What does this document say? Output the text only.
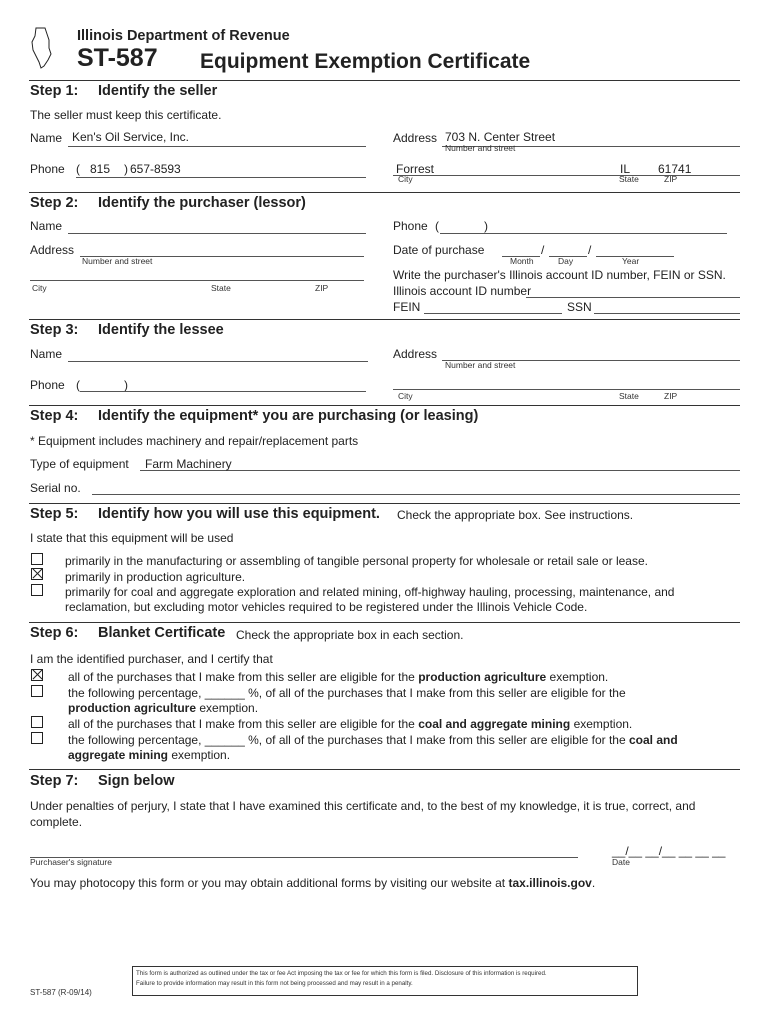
Illinois Department of Revenue
ST-587 Equipment Exemption Certificate
Step 1: Identify the seller
The seller must keep this certificate.
Name Ken's Oil Service, Inc.	Address 703 N. Center Street
Number and street
Phone ( 815 ) 657-8593	Forrest	IL 61741
City	State	ZIP
Step 2: Identify the purchaser (lessor)
Name	Phone (	)
Address
Number and street
City	State	ZIP
Date of purchase	/	/
Month	Day	Year
Write the purchaser's Illinois account ID number, FEIN or SSN.
Illinois account ID number
FEIN	SSN
Step 3: Identify the lessee
Name	Address
Number and street
Phone (	)
City	State	ZIP
Step 4: Identify the equipment* you are purchasing (or leasing)
* Equipment includes machinery and repair/replacement parts
Type of equipment Farm Machinery
Serial no.
Step 5: Identify how you will use this equipment. Check the appropriate box. See instructions.
I state that this equipment will be used
primarily in the manufacturing or assembling of tangible personal property for wholesale or retail sale or lease.
primarily in production agriculture.
primarily for coal and aggregate exploration and related mining, off-highway hauling, processing, maintenance, and
reclamation, but excluding motor vehicles required to be registered under the Illinois Vehicle Code.
Step 6: Blanket Certificate Check the appropriate box in each section.
I am the identified purchaser, and I certify that
all of the purchases that I make from this seller are eligible for the production agriculture exemption.
the following percentage, ______ %, of all of the purchases that I make from this seller are eligible for the
production agriculture exemption.
all of the purchases that I make from this seller are eligible for the coal and aggregate mining exemption.
the following percentage, ______ %, of all of the purchases that I make from this seller are eligible for the coal and
aggregate mining exemption.
Step 7: Sign below
Under penalties of perjury, I state that I have examined this certificate and, to the best of my knowledge, it is true, correct, and
complete.
Purchaser's signature
__/__ __/__ __ __ __
Date
You may photocopy this form or you may obtain additional forms by visiting our website at tax.illinois.gov.
ST-587 (R-09/14)
This form is authorized as outlined under the tax or fee Act imposing the tax or fee for which this form is filed. Disclosure of this information is required.
Failure to provide information may result in this form not being processed and may result in a penalty.
